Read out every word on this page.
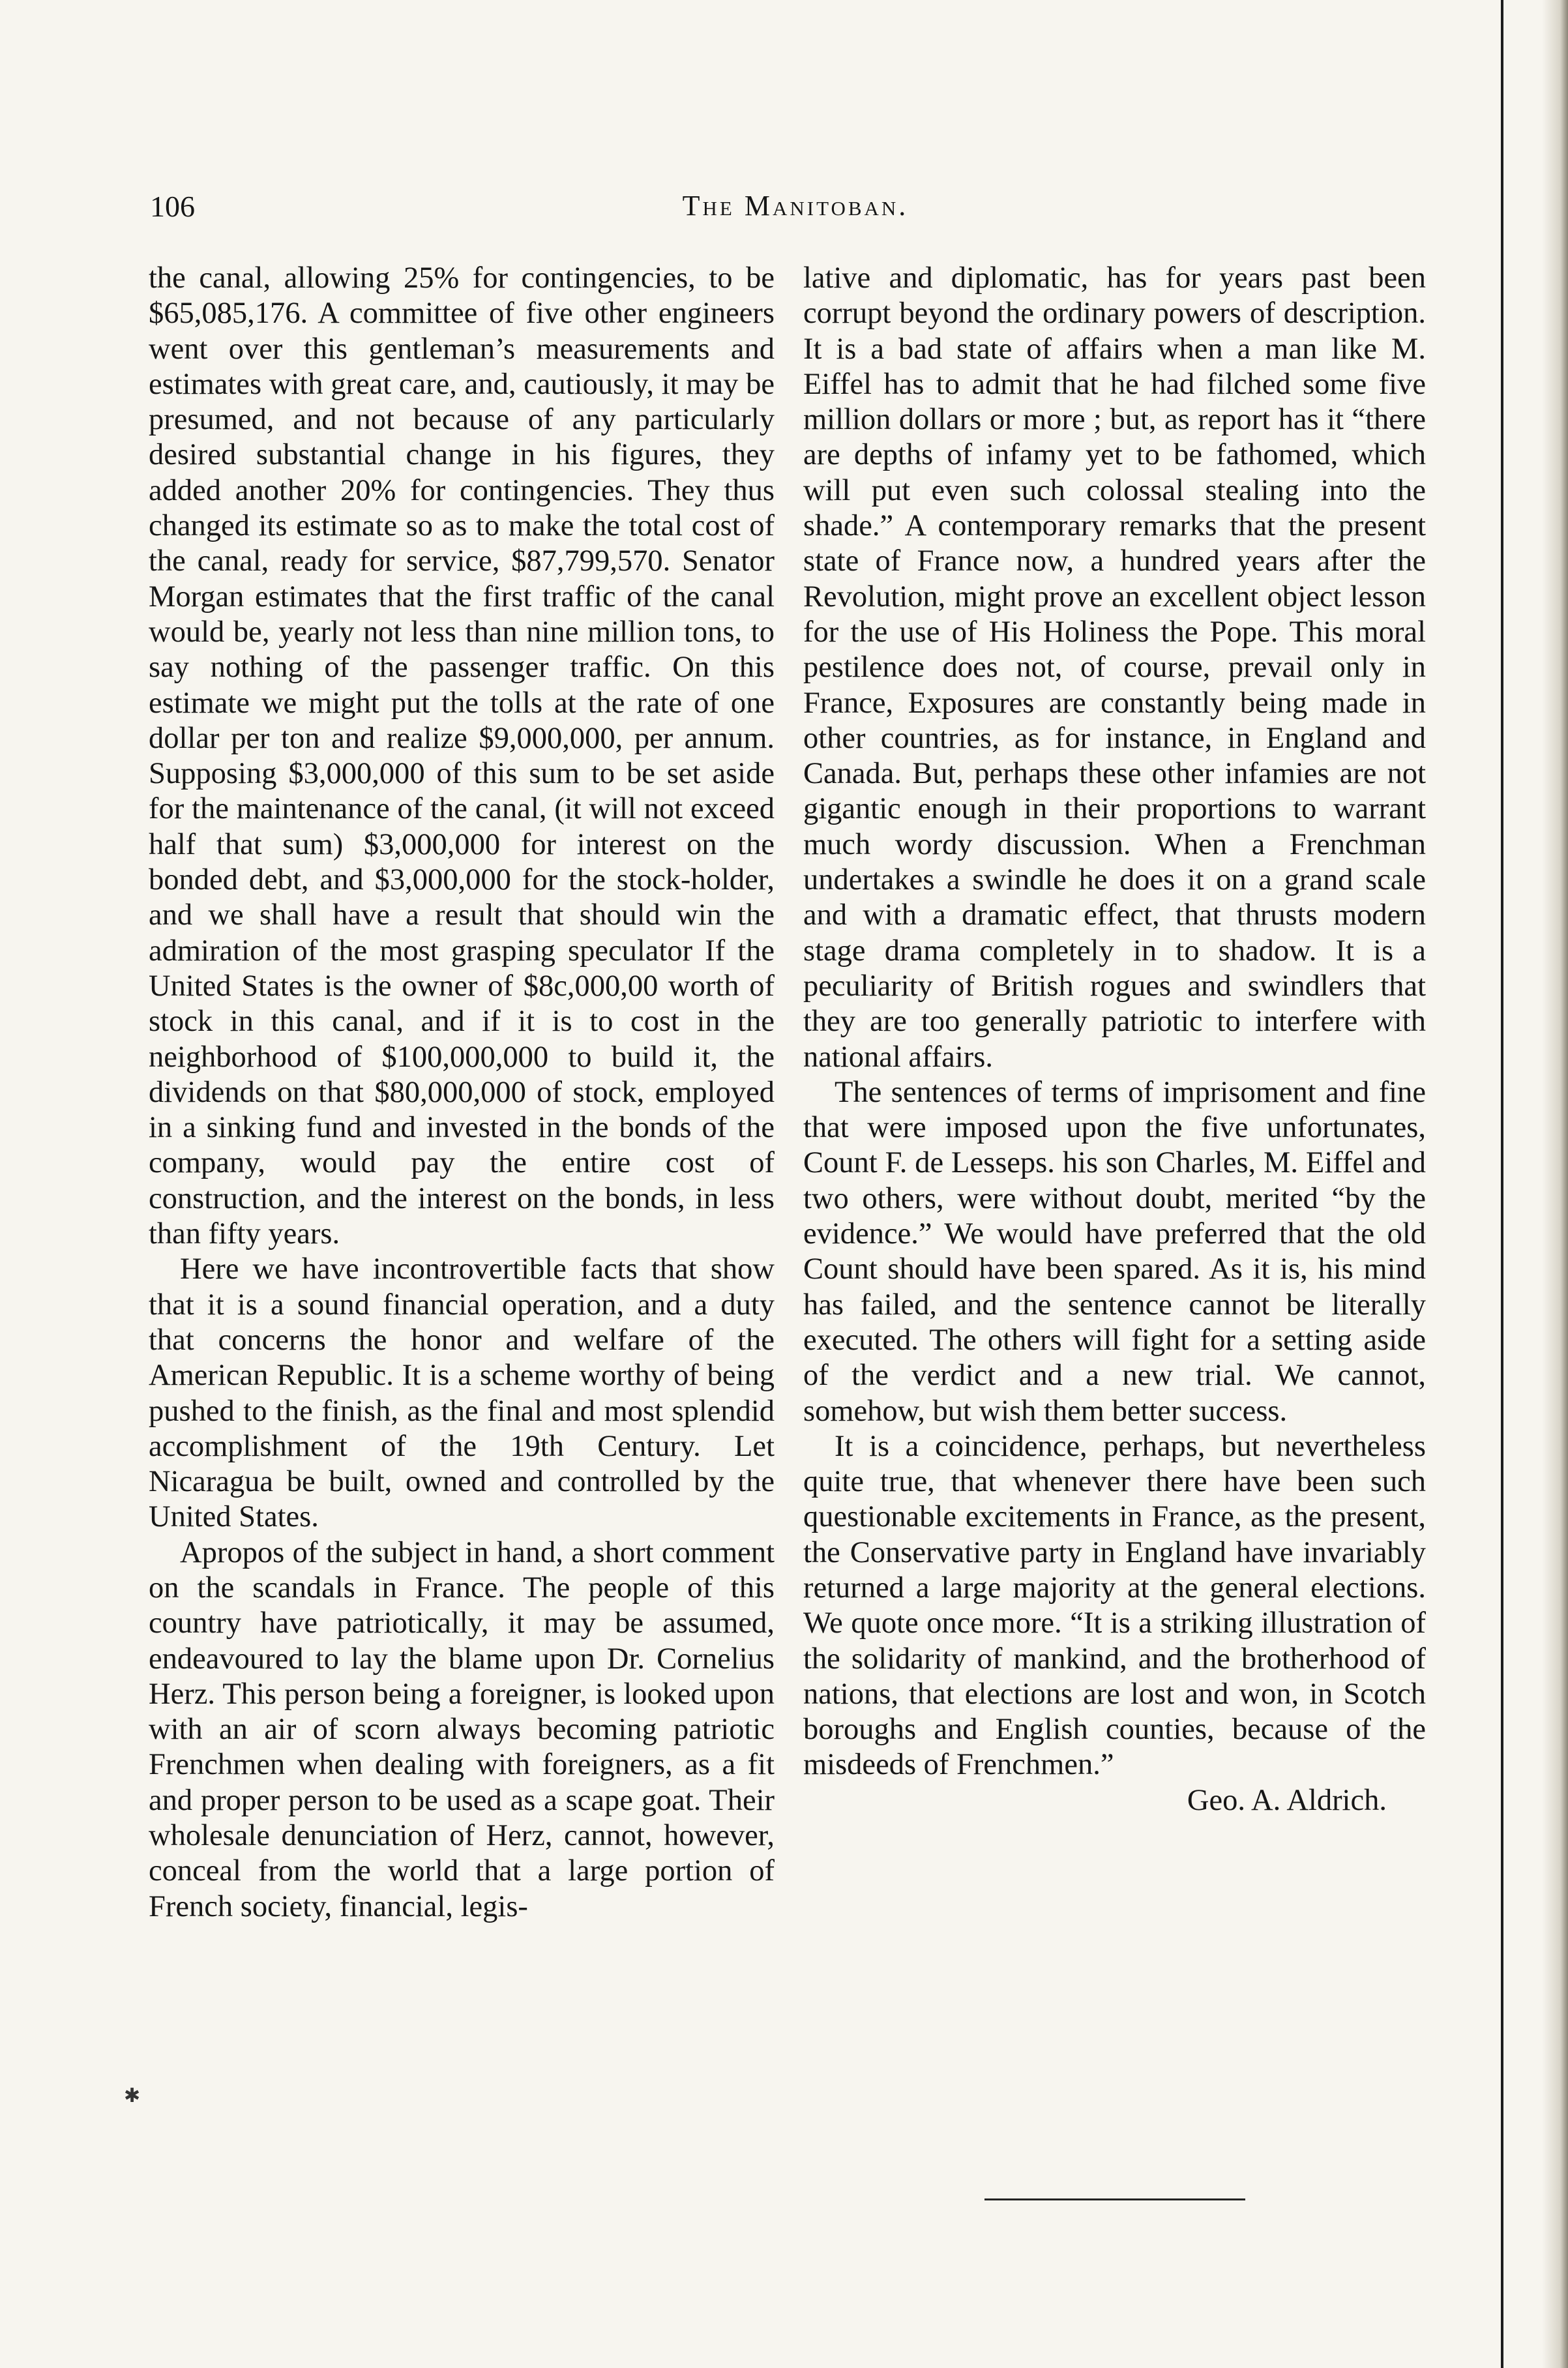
106	The Manitoban.

the canal, allowing 25% for contingencies, to be $65,085,176. A committee of five other engineers went over this gentleman’s measurements and estimates with great care, and, cautiously, it may be presumed, and not because of any particularly desired substantial change in his figures, they added another 20% for contingencies. They thus changed its estimate so as to make the total cost of the canal, ready for service, $87,799,570. Senator Morgan estimates that the first traffic of the canal would be, yearly not less than nine million tons, to say nothing of the passenger traffic. On this estimate we might put the tolls at the rate of one dollar per ton and realize $9,000,000, per annum. Supposing $3,000,000 of this sum to be set aside for the maintenance of the canal, (it will not exceed half that sum) $3,000,000 for interest on the bonded debt, and $3,000,000 for the stock-holder, and we shall have a result that should win the admiration of the most grasping speculator If the United States is the owner of $8c,000,00 worth of stock in this canal, and if it is to cost in the neighborhood of $100,000,000 to build it, the dividends on that $80,000,000 of stock, employed in a sinking fund and invested in the bonds of the company, would pay the entire cost of construction, and the interest on the bonds, in less than fifty years.

Here we have incontrovertible facts that show that it is a sound financial operation, and a duty that concerns the honor and welfare of the American Republic. It is a scheme worthy of being pushed to the finish, as the final and most splendid accomplishment of the 19th Century. Let Nicaragua be built, owned and controlled by the United States.

Apropos of the subject in hand, a short comment on the scandals in France. The people of this country have patriotically, it may be assumed, endeavoured to lay the blame upon Dr. Cornelius Herz. This person being a foreigner, is looked upon with an air of scorn always becoming patriotic Frenchmen when dealing with foreigners, as a fit and proper person to be used as a scape goat. Their wholesale denunciation of Herz, cannot, however, conceal from the world that a large portion of French society, financial, legis-

lative and diplomatic, has for years past been corrupt beyond the ordinary powers of description. It is a bad state of affairs when a man like M. Eiffel has to admit that he had filched some five million dollars or more ; but, as report has it “there are depths of infamy yet to be fathomed, which will put even such colossal stealing into the shade.” A contemporary remarks that the present state of France now, a hundred years after the Revolution, might prove an excellent object lesson for the use of His Holiness the Pope. This moral pestilence does not, of course, prevail only in France, Exposures are constantly being made in other countries, as for instance, in England and Canada. But, perhaps these other infamies are not gigantic enough in their proportions to warrant much wordy discussion. When a Frenchman undertakes a swindle he does it on a grand scale and with a dramatic effect, that thrusts modern stage drama completely in to shadow. It is a peculiarity of British rogues and swindlers that they are too generally patriotic to interfere with national affairs.

The sentences of terms of imprisoment and fine that were imposed upon the five unfortunates, Count F. de Lesseps. his son Charles, M. Eiffel and two others, were without doubt, merited “by the evidence.” We would have preferred that the old Count should have been spared. As it is, his mind has failed, and the sentence cannot be literally executed. The others will fight for a setting aside of the verdict and a new trial. We cannot, somehow, but wish them better success.

It is a coincidence, perhaps, but nevertheless quite true, that whenever there have been such questionable excitements in France, as the present, the Conservative party in England have invariably returned a large majority at the general elections. We quote once more. “It is a striking illustration of the solidarity of mankind, and the brotherhood of nations, that elections are lost and won, in Scotch boroughs and English counties, because of the misdeeds of Frenchmen.”

Geo. A. Aldrich.

✱
